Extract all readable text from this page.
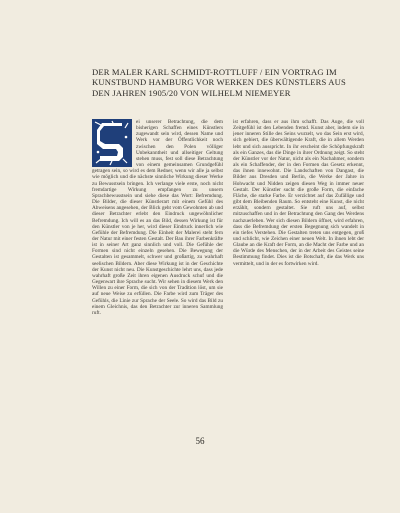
DER MALER KARL SCHMIDT-ROTTLUFF / EIN VORTRAG IM KUNSTBUND HAMBURG VOR WERKEN DES KÜNSTLERS AUS DEN JAHREN 1905/20 VON WILHELM NIEMEYER

ei unserer Betrachtung, die dem bisherigen Schaffen eines Künstlers zugewandt sein wird, dessen Name und Werk vor der Öffentlichkeit noch zwischen den Polen völliger Unbekanntheit und allseitiger Geltung stehen muss, fest soll diese Betrachtung von einem gemeinsamen Grundgefühl getragen sein, so wird es dem Redner, wenn wir alle ja selbst wie möglich und die nächste sinnliche Wirkung dieser Werke zu Bewusstsein bringen. Ich verlange viele erste, noch nicht fremdartige Wirkung empfangen zu unsern Sprachbewusstsein und siehe diese das Wort: Befremdung. Die Bilder, die dieser Künstlerart mit einem Gefühl des Abweisens angesehen, der Blick geht vom Gewohnten ab und dieser Betrachter erlebt den Eindruck ungewöhnlicher Befremdung. Ich will es an das Bild, dessen Wirkung ist für den Künstler von je her, wird dieser Eindruck innerlich wie Gefühle der Befremdung. Die Einheit der Malerei steht fern der Natur mit einer festen Gestalt. Der Bau ihrer Farbenkräfte ist in seiner Art ganz sinnlich und voll. Die Gefühle der Formen sind nicht einzeln gesehen. Die Bewegung der Gestalten ist gesammelt, schwer und großartig, zu wahrhaft seelischen Bildern. Aber diese Wirkung ist in der Geschichte der Kunst nicht neu. Die Kunstgeschichte lehrt uns, dass jede wahrhaft große Zeit ihren eigenen Ausdruck schuf und die Gegenwart ihre Sprache sucht. Wir sehen in diesem Werk den Willen zu einer Form, die sich von der Tradition löst, um sie auf neue Weise zu erfüllen. Die Farbe wird zum Träger des Gefühls, die Linie zur Sprache der Seele. So wird das Bild zu einem Gleichnis, das den Betrachter zur inneren Sammlung ruft.

ist erfahren, dass er aus ihm schafft. Das Auge, die voll Zeitgefühl ist den Lebenden fremd. Kunst aber, indem sie in jener inneren Stille des Seins wurzelt, wo das Sein erst wird, sich gebiert, die überwältigende Kraft, die in allem Werden lebt und sich ausspricht. In ihr erscheint die Schöpfungskraft als ein Ganzes, das die Dinge in ihrer Ordnung zeigt. So steht der Künstler vor der Natur, nicht als ein Nachahmer, sondern als ein Schaffender, der in den Formen das Gesetz erkennt, das ihnen innewohnt. Die Landschaften von Dangast, die Bilder aus Dresden und Berlin, die Werke der Jahre in Hohwacht und Nidden zeigen diesen Weg in immer neuer Gestalt. Der Künstler sucht die große Form, die einfache Fläche, die starke Farbe. Er verzichtet auf das Zufällige und gibt dem Bleibenden Raum. So entsteht eine Kunst, die nicht erzählt, sondern gestaltet. Sie ruft uns auf, selbst mitzuschaffen und in der Betrachtung den Gang des Werdens nachzuerleben. Wer sich diesen Bildern öffnet, wird erfahren, dass die Befremdung der ersten Begegnung sich wandelt in ein tiefes Verstehen. Die Gestalten treten uns entgegen, groß und schlicht, wie Zeichen einer neuen Welt. In ihnen lebt der Glaube an die Kraft der Form, an die Macht der Farbe und an die Würde des Menschen, der in der Arbeit des Geistes seine Bestimmung findet. Dies ist die Botschaft, die das Werk uns vermittelt, und in der es fortwirken wird.

56
